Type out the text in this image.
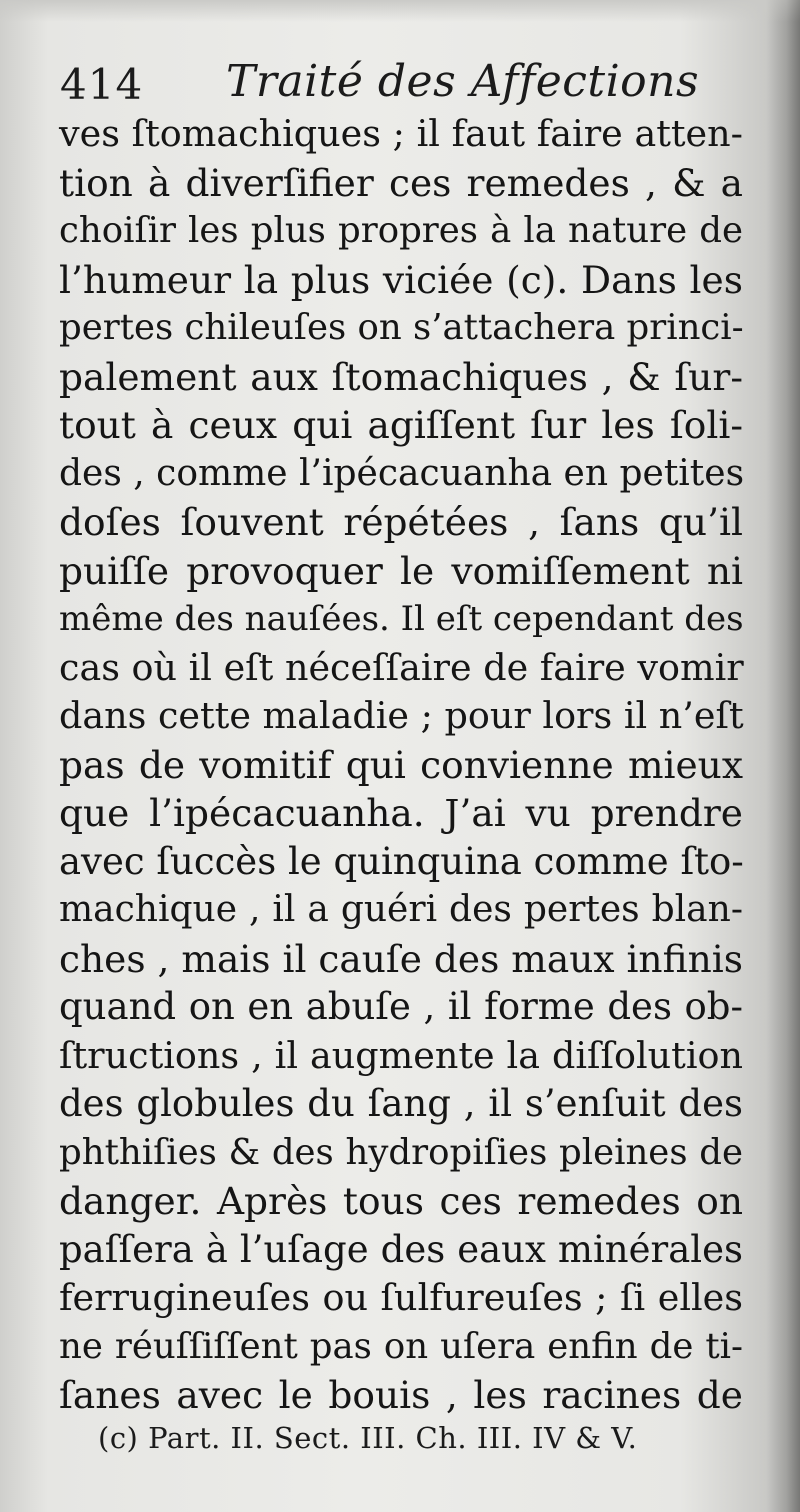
414 Traité des Affections
ves ſtomachiques ; il faut faire atten-
tion à diverſifier ces remedes , & a
choiſir les plus propres à la nature de
l’humeur la plus viciée (c). Dans les
pertes chileuſes on s’attachera princi-
palement aux ſtomachiques , & ſur-
tout à ceux qui agiſſent ſur les ſoli-
des , comme l’ipécacuanha en petites
doſes ſouvent répétées , ſans qu’il
puiſſe provoquer le vomiſſement ni
même des nauſées. Il eſt cependant des
cas où il eſt néceſſaire de faire vomir
dans cette maladie ; pour lors il n’eſt
pas de vomitif qui convienne mieux
que l’ipécacuanha. J’ai vu prendre
avec ſuccès le quinquina comme ſto-
machique , il a guéri des pertes blan-
ches , mais il cauſe des maux infinis
quand on en abuſe , il forme des ob-
ſtructions , il augmente la diſſolution
des globules du ſang , il s’enſuit des
phthiſies & des hydropiſies pleines de
danger. Après tous ces remedes on
paſſera à l’uſage des eaux minérales
ferrugineuſes ou ſulfureuſes ; ſi elles
ne réuſſiſſent pas on uſera enfin de ti-
ſanes avec le bouis , les racines de
(c) Part. II. Sect. III. Ch. III. IV & V.
